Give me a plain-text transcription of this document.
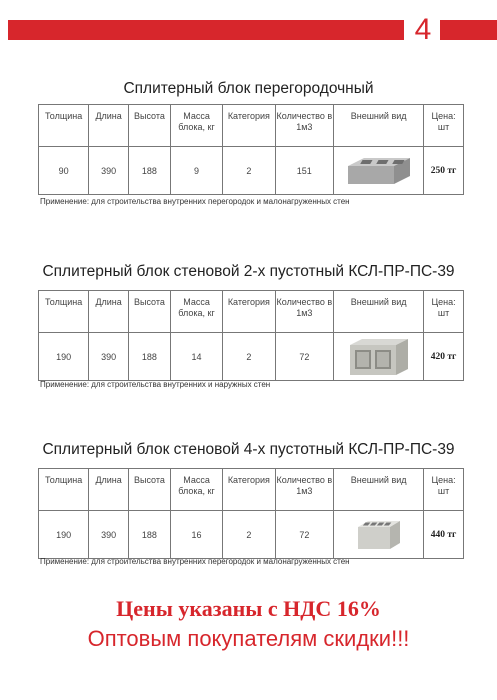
4
Сплитерный блок перегородочный
Толщина	Длина	Высота	Масса блока, кг	Категория	Количество в 1м3	Внешний вид	Цена: шт
90	390	188	9	2	151		250 тг
Применение: для строительства внутренних перегородок и малонагруженных стен
Сплитерный блок стеновой 2-х пустотный КСЛ-ПР-ПС-39
Толщина	Длина	Высота	Масса блока, кг	Категория	Количество в 1м3	Внешний вид	Цена: шт
190	390	188	14	2	72		420 тг
Применение: для строительства внутренних и наружных стен
Сплитерный блок стеновой 4-х пустотный КСЛ-ПР-ПС-39
Толщина	Длина	Высота	Масса блока, кг	Категория	Количество в 1м3	Внешний вид	Цена: шт
190	390	188	16	2	72		440 тг
Применение: для строительства внутренних перегородок и малонагруженных стен
Цены указаны с НДС 16%
Оптовым покупателям скидки!!!
